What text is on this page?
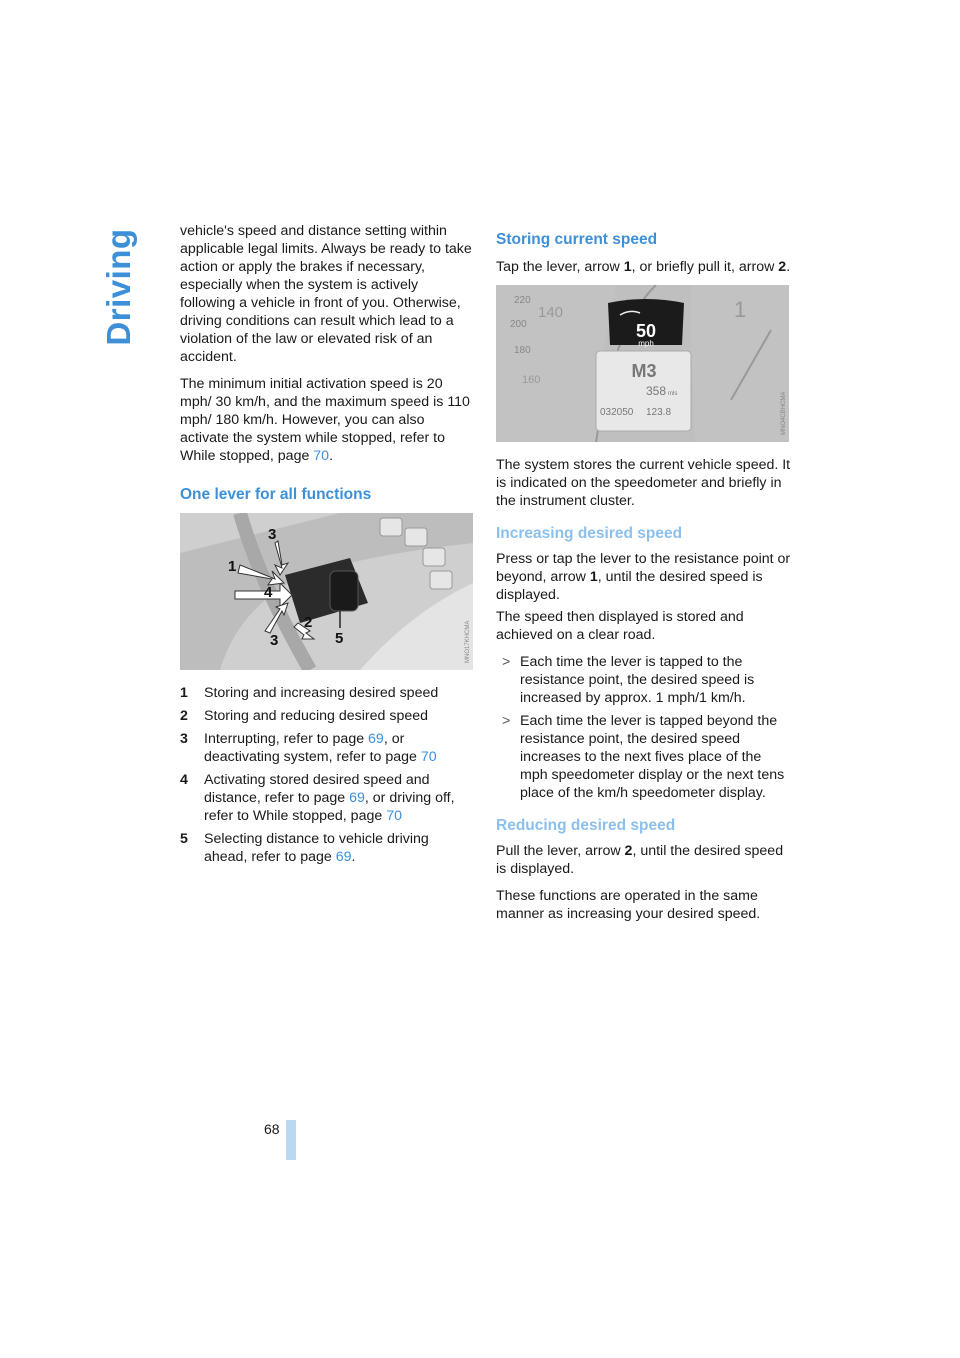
Driving
68

vehicle's speed and distance setting within applicable legal limits. Always be ready to take action or apply the brakes if necessary, especially when the system is actively following a vehicle in front of you. Otherwise, driving conditions can result which lead to a violation of the law or elevated risk of an accident.

The minimum initial activation speed is 20 mph/ 30 km/h, and the maximum speed is 110 mph/ 180 km/h. However, you can also activate the system while stopped, refer to While stopped, page 70.

One lever for all functions
1
2
3
3
4
5	MNO17KHCMA
1 Storing and increasing desired speed
2 Storing and reducing desired speed
3 Interrupting, refer to page 69, or deactivating system, refer to page 70
4 Activating stored desired speed and distance, refer to page 69, or driving off, refer to While stopped, page 70
5 Selecting distance to vehicle driving ahead, refer to page 69.
Storing current speed

Tap the lever, arrow 1, or briefly pull it, arrow 2.

220
200
180
160
140	1
50
mph
M3
358 mls
032050 123.8	MNO4CBHCMA

The system stores the current vehicle speed. It is indicated on the speedometer and briefly in the instrument cluster.

Increasing desired speed

Press or tap the lever to the resistance point or beyond, arrow 1, until the desired speed is displayed.

The speed then displayed is stored and achieved on a clear road.

> Each time the lever is tapped to the resistance point, the desired speed is increased by approx. 1 mph/1 km/h.
> Each time the lever is tapped beyond the resistance point, the desired speed increases to the next fives place of the mph speedometer display or the next tens place of the km/h speedometer display.
Reducing desired speed

Pull the lever, arrow 2, until the desired speed is displayed.

These functions are operated in the same manner as increasing your desired speed.
